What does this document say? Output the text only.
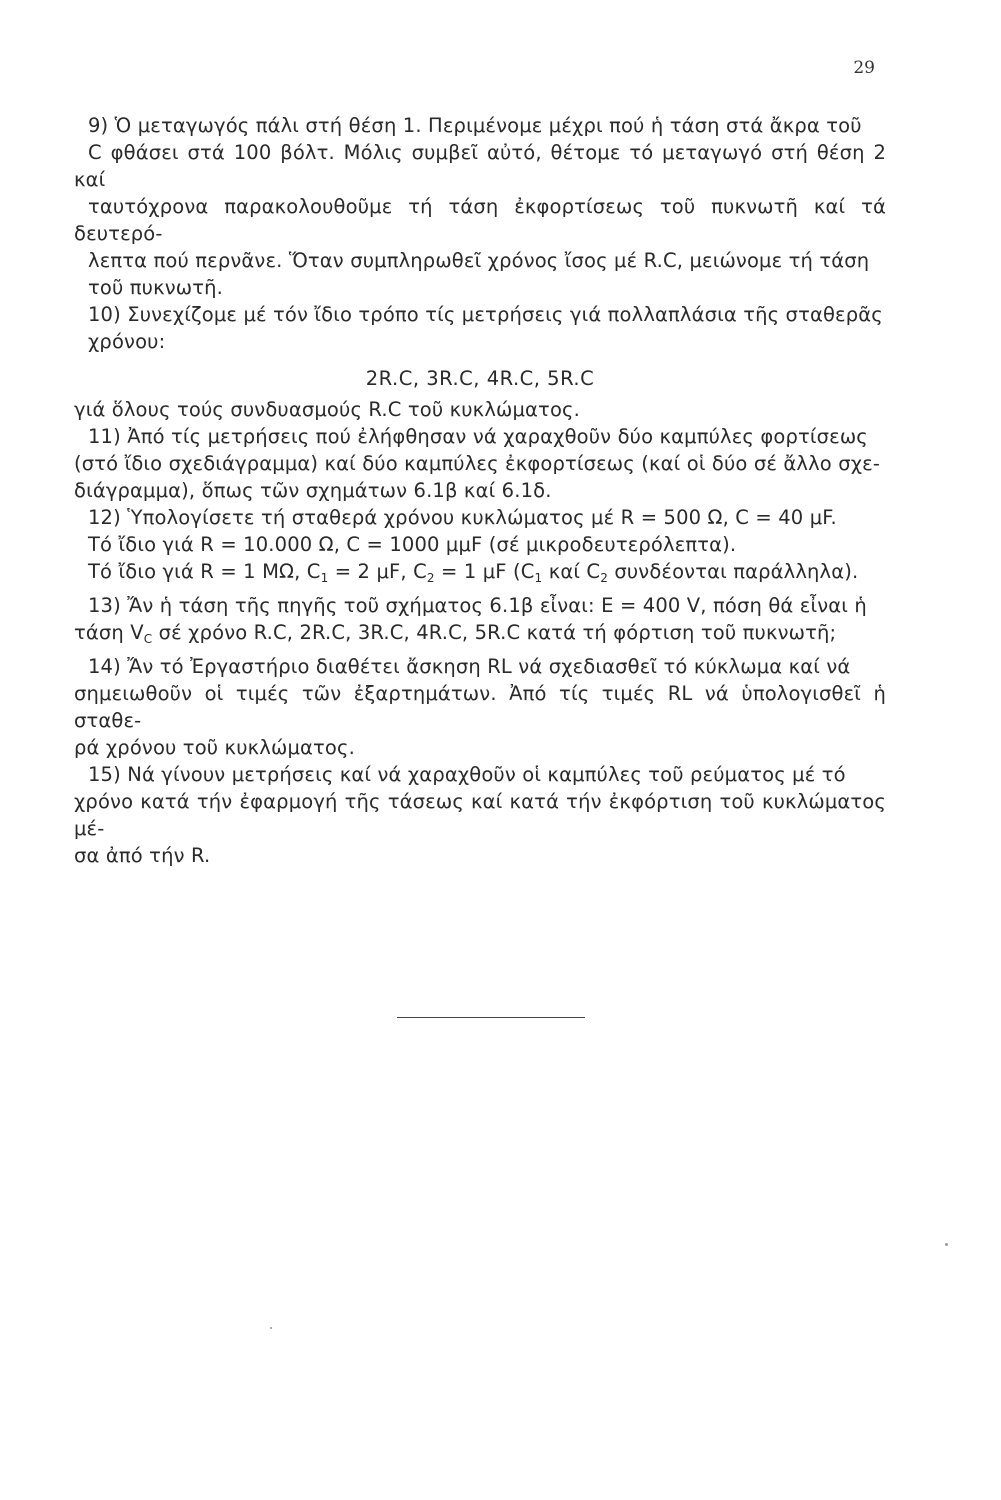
29

9) Ὁ μεταγωγός πάλι στή θέση 1. Περιμένομε μέχρι πού ἡ τάση στά ἄκρα τοῦ
C φθάσει στά 100 βόλτ. Μόλις συμβεῖ αὐτό, θέτομε τό μεταγωγό στή θέση 2 καί
ταυτόχρονα παρακολουθοῦμε τή τάση ἐκφορτίσεως τοῦ πυκνωτῆ καί τά δευτερό-
λεπτα πού περνᾶνε. Ὅταν συμπληρωθεῖ χρόνος ἴσος μέ R.C, μειώνομε τή τάση
τοῦ πυκνωτῆ.

10) Συνεχίζομε μέ τόν ἴδιο τρόπο τίς μετρήσεις γιά πολλαπλάσια τῆς σταθερᾶς
χρόνου:

2R.C, 3R.C, 4R.C, 5R.C

γιά ὅλους τούς συνδυασμούς R.C τοῦ κυκλώματος.

11) Ἀπό τίς μετρήσεις πού ἐλήφθησαν νά χαραχθοῦν δύο καμπύλες φορτίσεως
(στό ἴδιο σχεδιάγραμμα) καί δύο καμπύλες ἐκφορτίσεως (καί οἱ δύο σέ ἄλλο σχε-
διάγραμμα), ὅπως τῶν σχημάτων 6.1β καί 6.1δ.

12) Ὑπολογίσετε τή σταθερά χρόνου κυκλώματος μέ R = 500 Ω, C = 40 μF.
Τό ἴδιο γιά R = 10.000 Ω, C = 1000 μμF (σέ μικροδευτερόλεπτα).
Τό ἴδιο γιά R = 1 MΩ, $C_1 = 2$ μF, $C_2 = 1$ μF ($C_1$ καί $C_2$ συνδέονται παράλληλα).

13) Ἄν ἡ τάση τῆς πηγῆς τοῦ σχήματος 6.1β εἶναι: E = 400 V, πόση θά εἶναι ἡ
τάση $V_C$ σέ χρόνο R.C, 2R.C, 3R.C, 4R.C, 5R.C κατά τή φόρτιση τοῦ πυκνωτῆ;

14) Ἄν τό Ἐργαστήριο διαθέτει ἄσκηση RL νά σχεδιασθεῖ τό κύκλωμα καί νά
σημειωθοῦν οἱ τιμές τῶν ἐξαρτημάτων. Ἀπό τίς τιμές RL νά ὑπολογισθεῖ ἡ σταθε-
ρά χρόνου τοῦ κυκλώματος.

15) Νά γίνουν μετρήσεις καί νά χαραχθοῦν οἱ καμπύλες τοῦ ρεύματος μέ τό
χρόνο κατά τήν ἐφαρμογή τῆς τάσεως καί κατά τήν ἐκφόρτιση τοῦ κυκλώματος μέ-
σα ἀπό τήν R.
